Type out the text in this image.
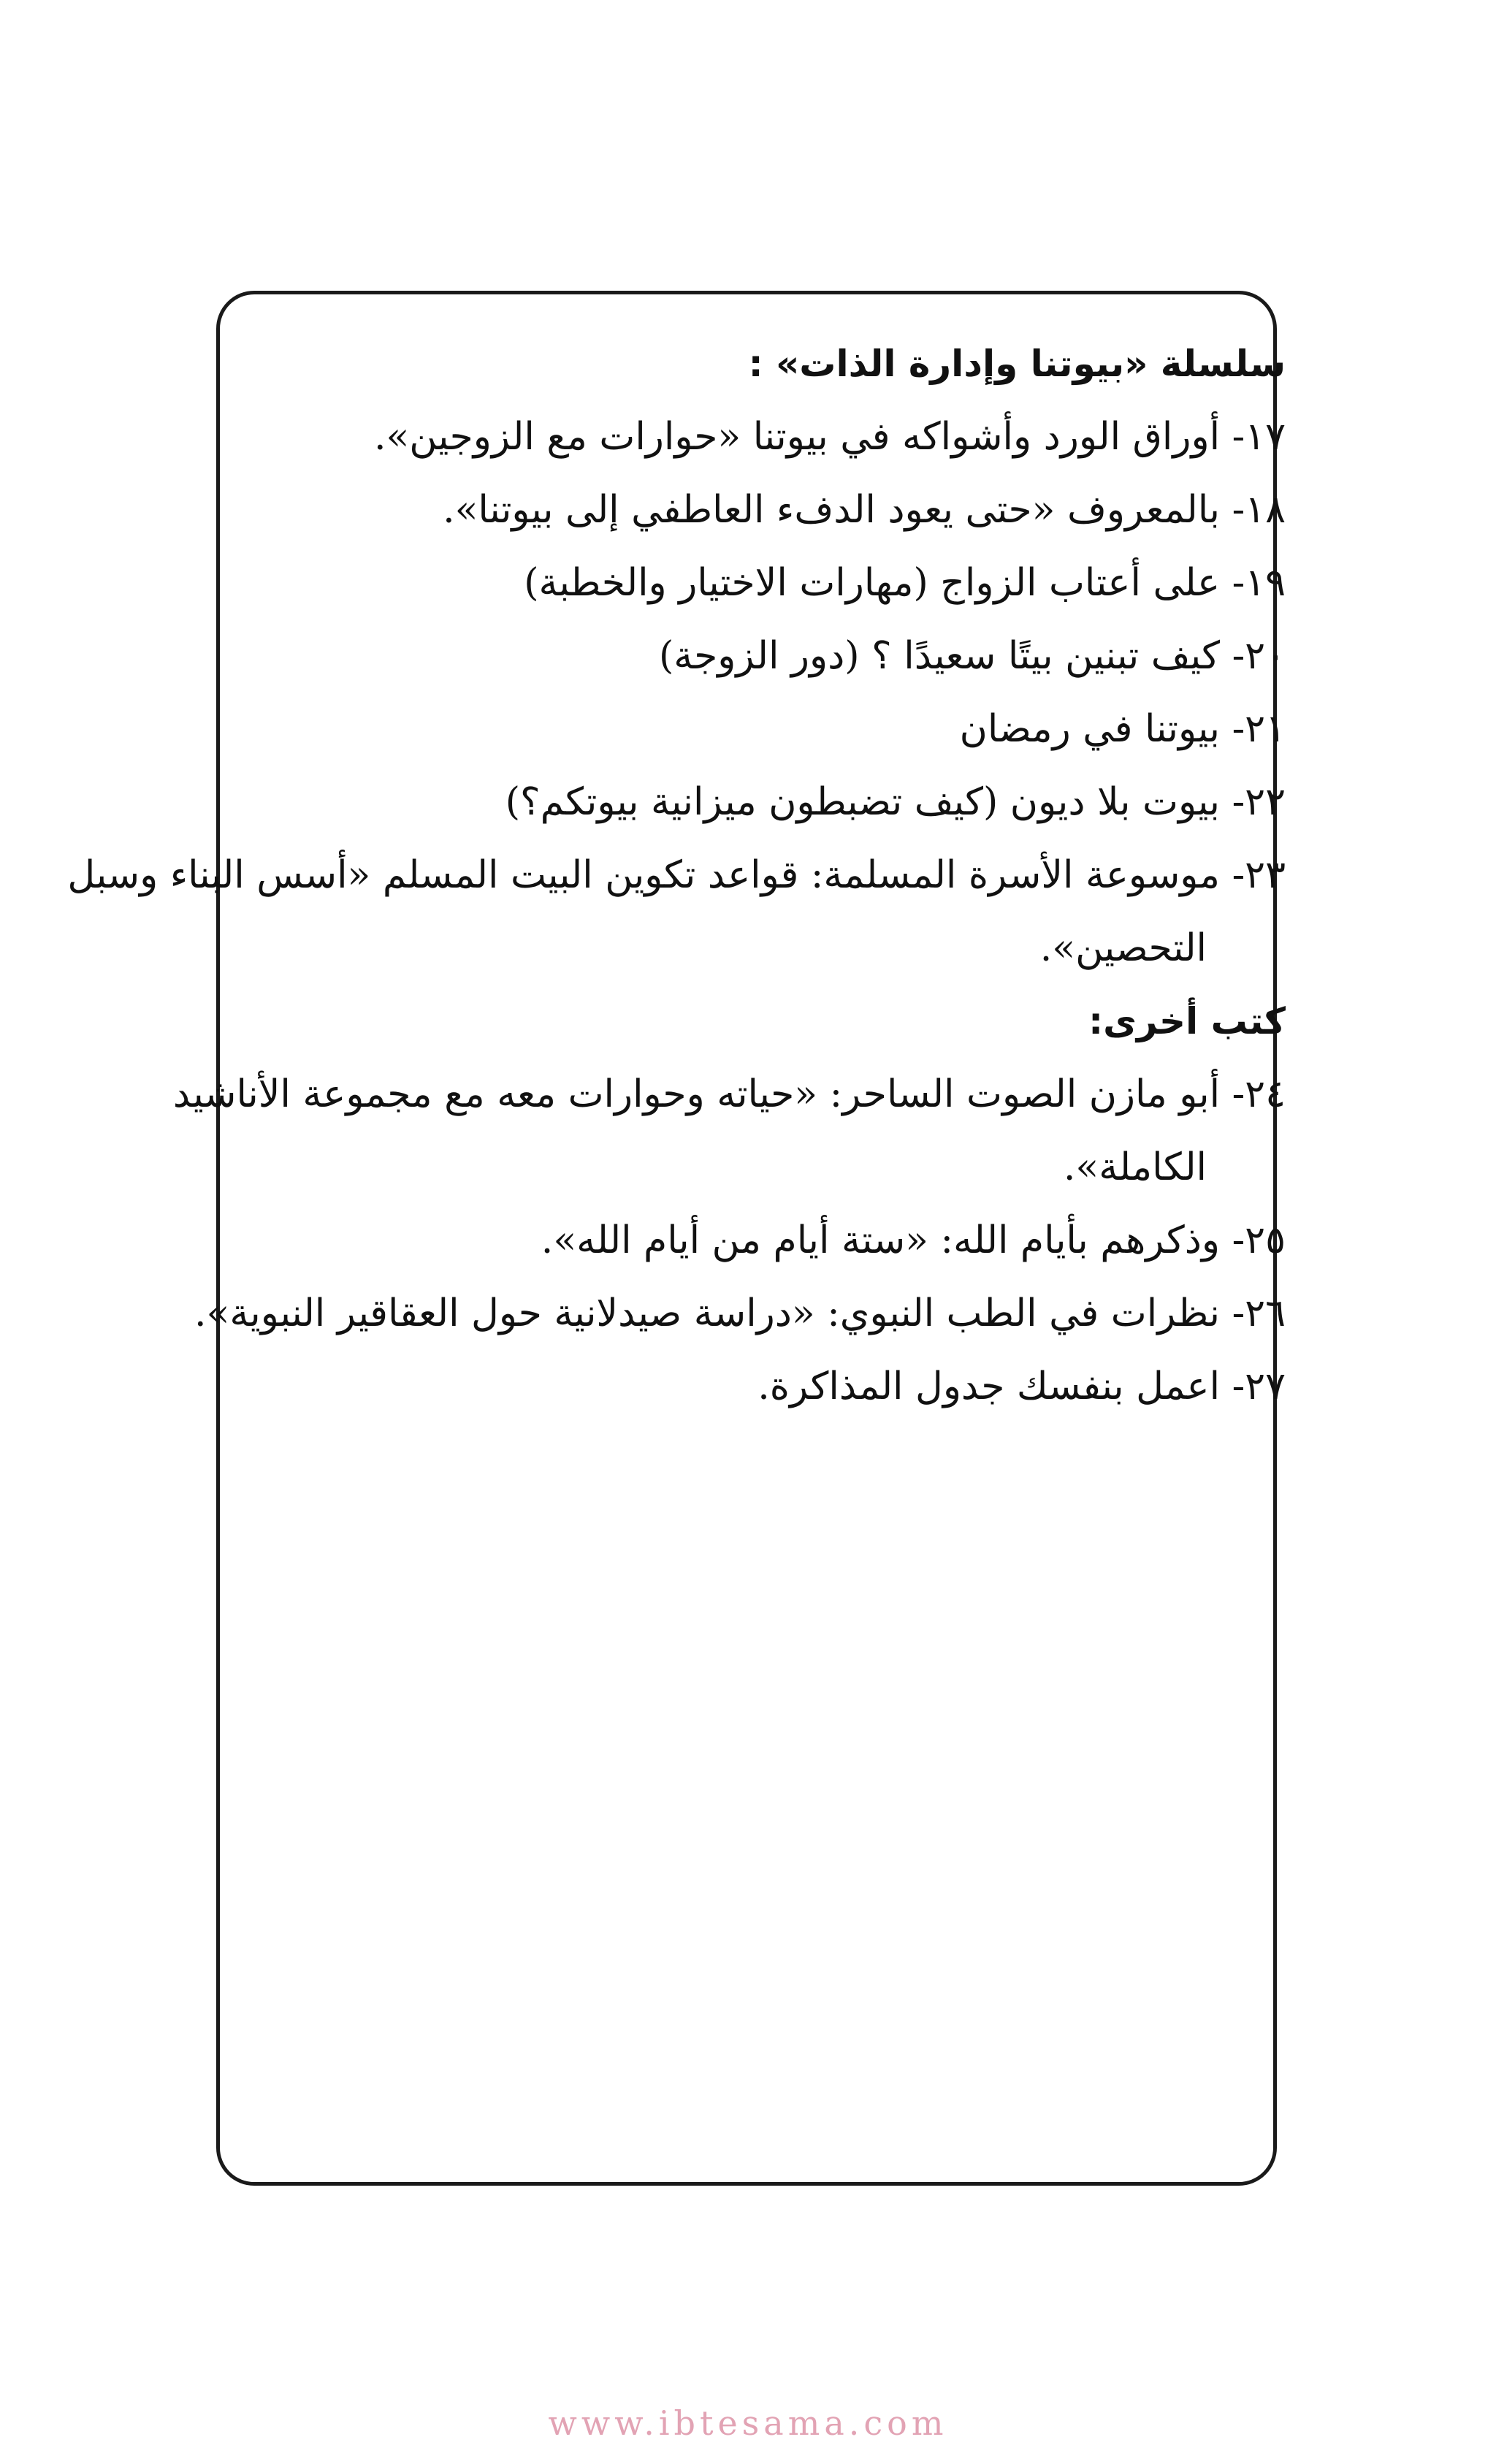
سلسلة «بيوتنا وإدارة الذات» :
١٧- أوراق الورد وأشواكه في بيوتنا «حوارات مع الزوجين».
١٨- بالمعروف «حتى يعود الدفء العاطفي إلى بيوتنا».
١٩- على أعتاب الزواج (مهارات الاختيار والخطبة)
٢٠- كيف تبنين بيتًا سعيدًا ؟ (دور الزوجة)
٢١- بيوتنا في رمضان
٢٢- بيوت بلا ديون (كيف تضبطون ميزانية بيوتكم؟)
٢٣- موسوعة الأسرة المسلمة: قواعد تكوين البيت المسلم «أسس البناء وسبل
التحصين».
كتب أخرى:
٢٤- أبو مازن الصوت الساحر: «حياته وحوارات معه مع مجموعة الأناشيد
الكاملة».
٢٥- وذكرهم بأيام الله: «ستة أيام من أيام الله».
٢٦- نظرات في الطب النبوي: «دراسة صيدلانية حول العقاقير النبوية».
٢٧- اعمل بنفسك جدول المذاكرة.
www.ibtesama.com
